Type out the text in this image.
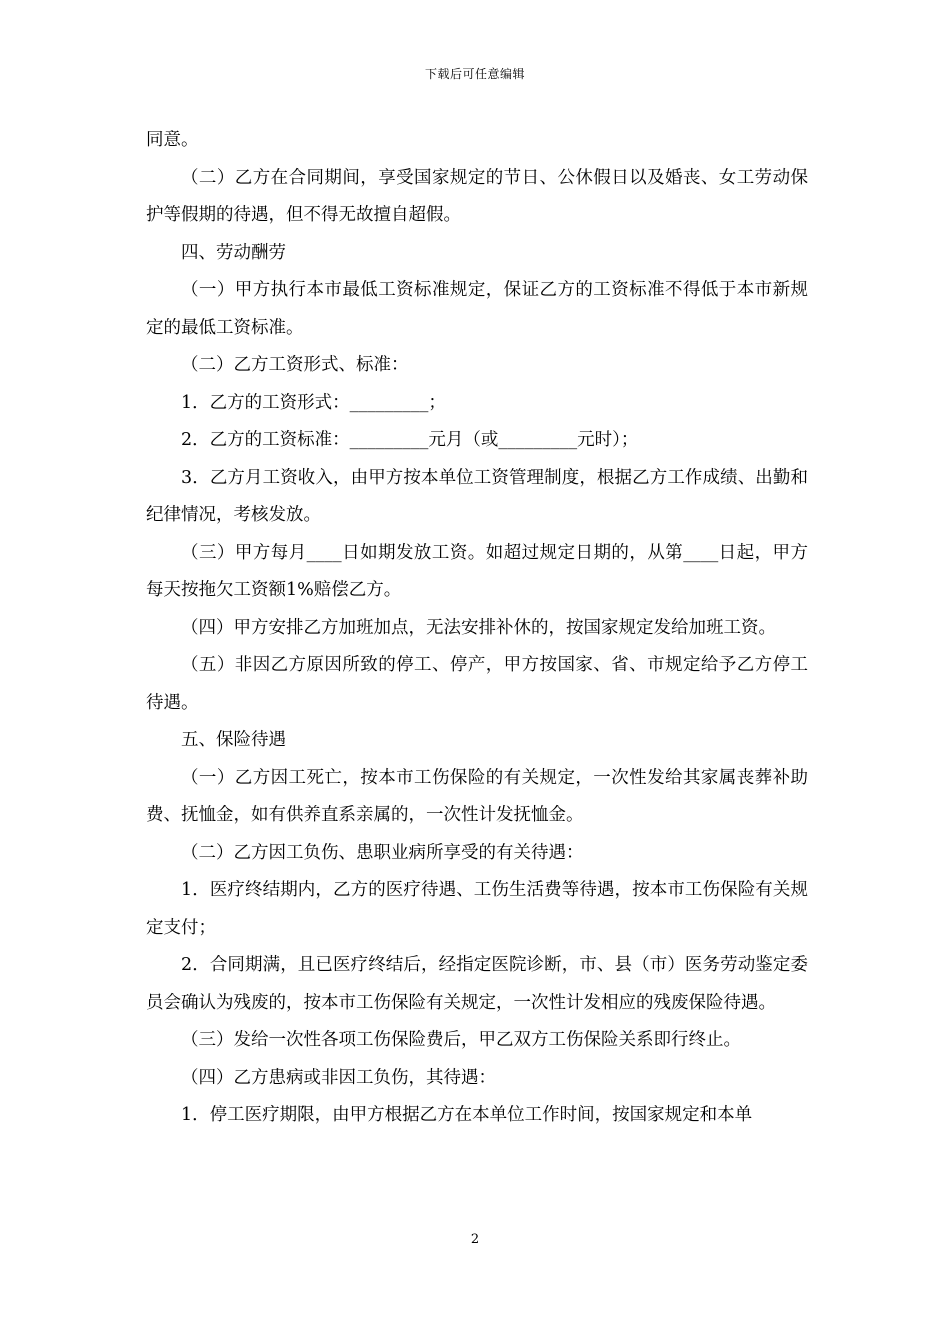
下载后可任意编辑

同意。

（二）乙方在合同期间，享受国家规定的节日、公休假日以及婚丧、女工劳动保护等假期的待遇，但不得无故擅自超假。

四、劳动酬劳

（一）甲方执行本市最低工资标准规定，保证乙方的工资标准不得低于本市新规定的最低工资标准。

（二）乙方工资形式、标准：

1．乙方的工资形式：_________；

2．乙方的工资标准：_________元月（或_________元时）；

3．乙方月工资收入，由甲方按本单位工资管理制度，根据乙方工作成绩、出勤和纪律情况，考核发放。

（三）甲方每月____日如期发放工资。如超过规定日期的，从第____日起，甲方每天按拖欠工资额1%赔偿乙方。

（四）甲方安排乙方加班加点，无法安排补休的，按国家规定发给加班工资。

（五）非因乙方原因所致的停工、停产，甲方按国家、省、市规定给予乙方停工待遇。

五、保险待遇

（一）乙方因工死亡，按本市工伤保险的有关规定，一次性发给其家属丧葬补助费、抚恤金，如有供养直系亲属的，一次性计发抚恤金。

（二）乙方因工负伤、患职业病所享受的有关待遇：

1．医疗终结期内，乙方的医疗待遇、工伤生活费等待遇，按本市工伤保险有关规定支付；

2．合同期满，且已医疗终结后，经指定医院诊断，市、县（市）医务劳动鉴定委员会确认为残废的，按本市工伤保险有关规定，一次性计发相应的残废保险待遇。

（三）发给一次性各项工伤保险费后，甲乙双方工伤保险关系即行终止。

（四）乙方患病或非因工负伤，其待遇：

1．停工医疗期限，由甲方根据乙方在本单位工作时间，按国家规定和本单

2
